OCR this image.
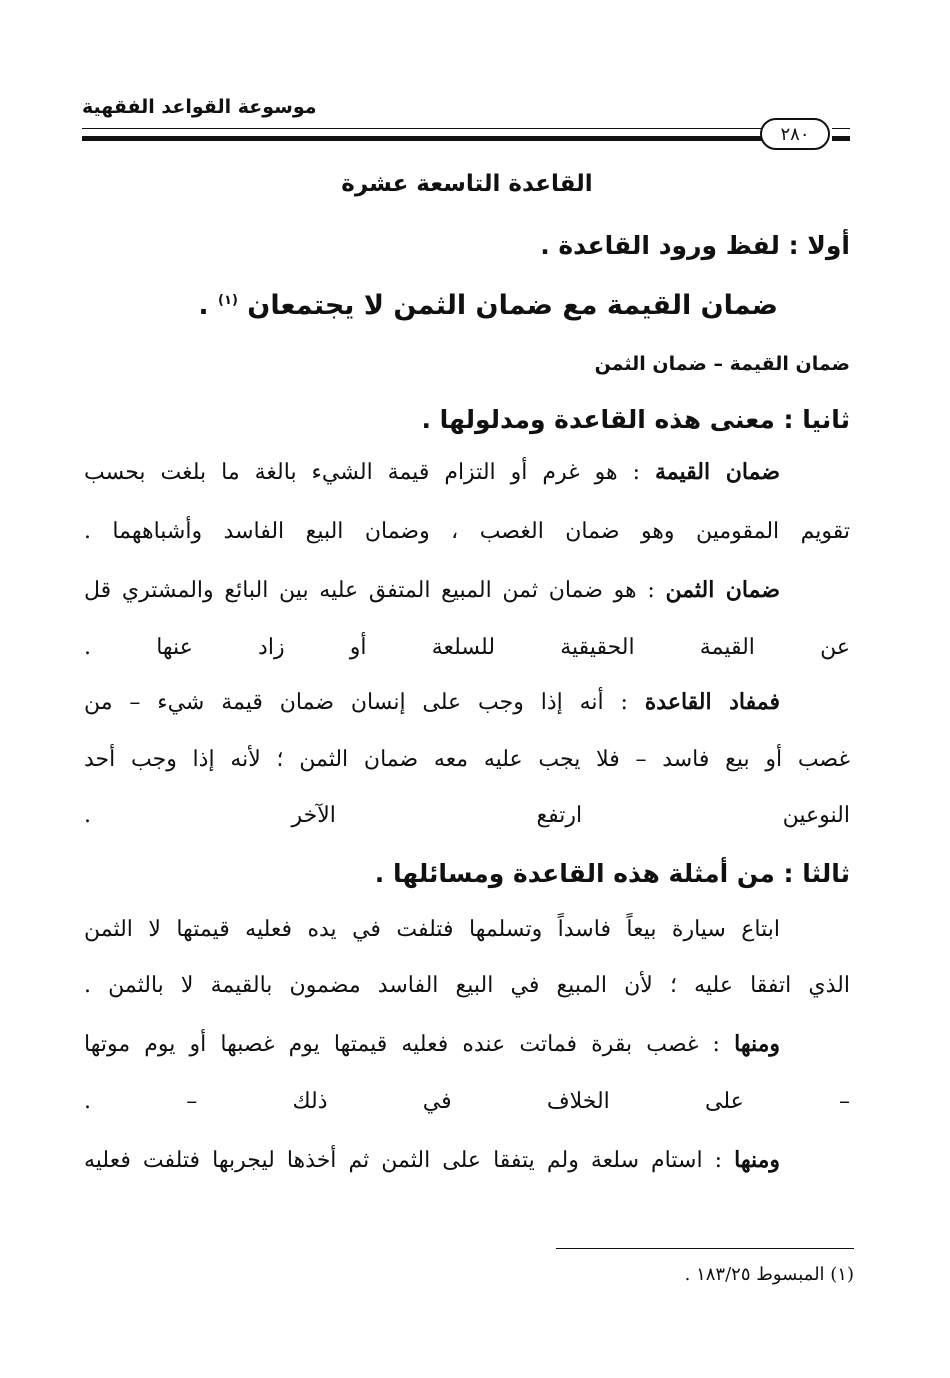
موسوعة القواعد الفقهية
٢٨٠
القاعدة التاسعة عشرة
أولا : لفظ ورود القاعدة .
ضمان القيمة مع ضمان الثمن لا يجتمعان $^{(١)}$ .
ضمان القيمة – ضمان الثمن
ثانيا : معنى هذه القاعدة ومدلولها .
ضمان القيمة : هو غرم أو التزام قيمة الشيء بالغة ما بلغت بحسب
تقويم المقومين وهو ضمان الغصب ، وضمان البيع الفاسد وأشباههما .
ضمان الثمن : هو ضمان ثمن المبيع المتفق عليه بين البائع والمشتري قل
عن القيمة الحقيقية للسلعة أو زاد عنها .
فمفاد القاعدة : أنه إذا وجب على إنسان ضمان قيمة شيء – من
غصب أو بيع فاسد – فلا يجب عليه معه ضمان الثمن ؛ لأنه إذا وجب أحد
النوعين ارتفع الآخر .
ثالثا : من أمثلة هذه القاعدة ومسائلها .
ابتاع سيارة بيعاً فاسداً وتسلمها فتلفت في يده فعليه قيمتها لا الثمن
الذي اتفقا عليه ؛ لأن المبيع في البيع الفاسد مضمون بالقيمة لا بالثمن .
ومنها : غصب بقرة فماتت عنده فعليه قيمتها يوم غصبها أو يوم موتها
– على الخلاف في ذلك – .
ومنها : استام سلعة ولم يتفقا على الثمن ثم أخذها ليجربها فتلفت فعليه
(١) المبسوط ١٨٣/٢٥ .
